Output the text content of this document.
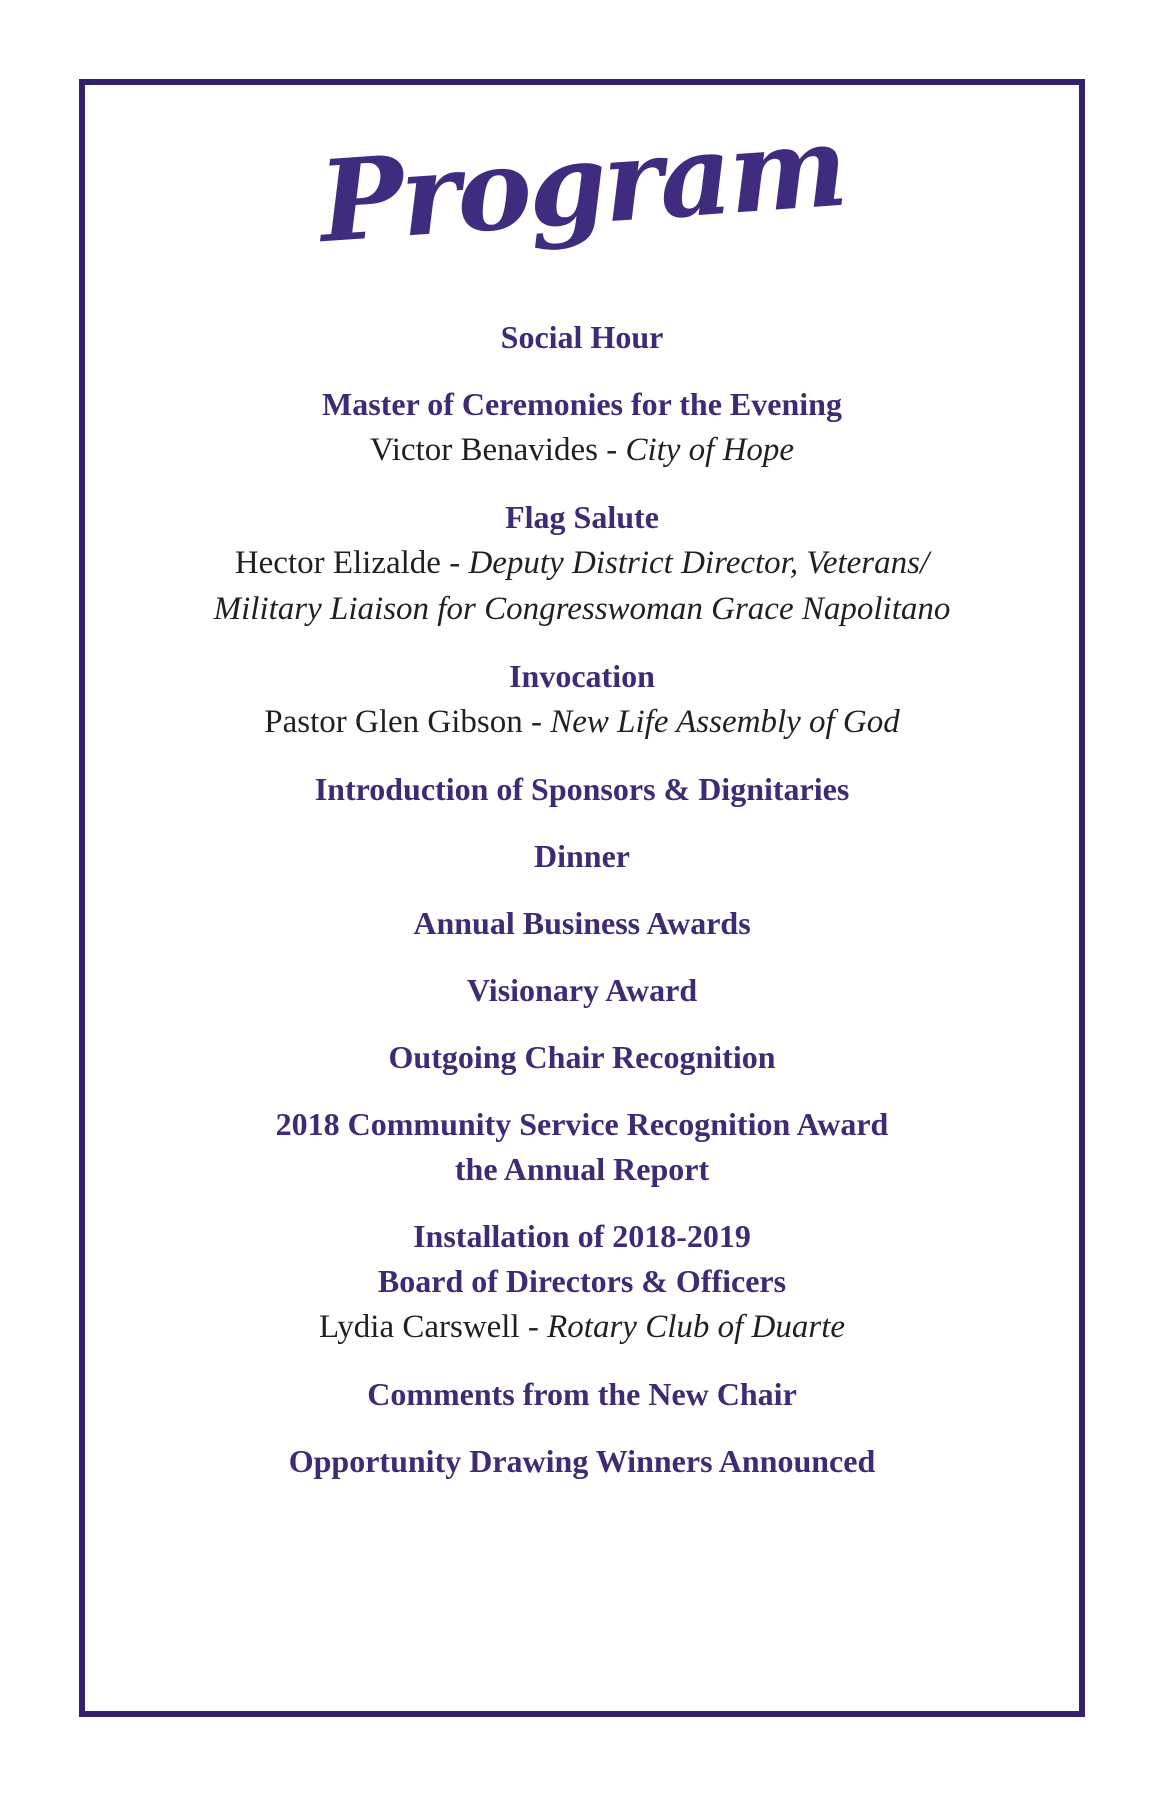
Program
Social Hour
Master of Ceremonies for the Evening
Victor Benavides - City of Hope
Flag Salute
Hector Elizalde - Deputy District Director, Veterans/
Military Liaison for Congresswoman Grace Napolitano
Invocation
Pastor Glen Gibson - New Life Assembly of God
Introduction of Sponsors & Dignitaries
Dinner
Annual Business Awards
Visionary Award
Outgoing Chair Recognition
2018 Community Service Recognition Award
the Annual Report
Installation of 2018-2019
Board of Directors & Officers
Lydia Carswell - Rotary Club of Duarte
Comments from the New Chair
Opportunity Drawing Winners Announced
